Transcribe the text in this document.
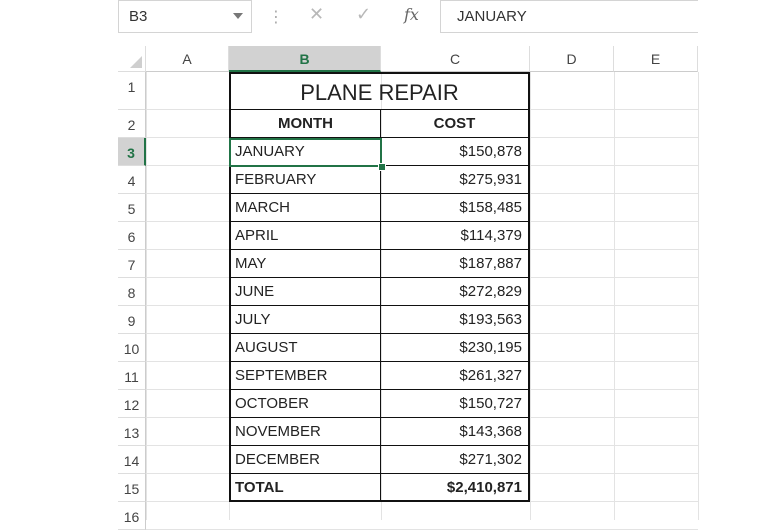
B3	⋮ ✕ ✓ fx	JANUARY
A	B	C	D	E
1
2
3
4
5
6
7
8
9
10
11
12
13
14
15
16
PLANE REPAIR
MONTH	COST
JANUARY	$150,878
FEBRUARY	$275,931
MARCH	$158,485
APRIL	$114,379
MAY	$187,887
JUNE	$272,829
JULY	$193,563
AUGUST	$230,195
SEPTEMBER	$261,327
OCTOBER	$150,727
NOVEMBER	$143,368
DECEMBER	$271,302
TOTAL	$2,410,871
